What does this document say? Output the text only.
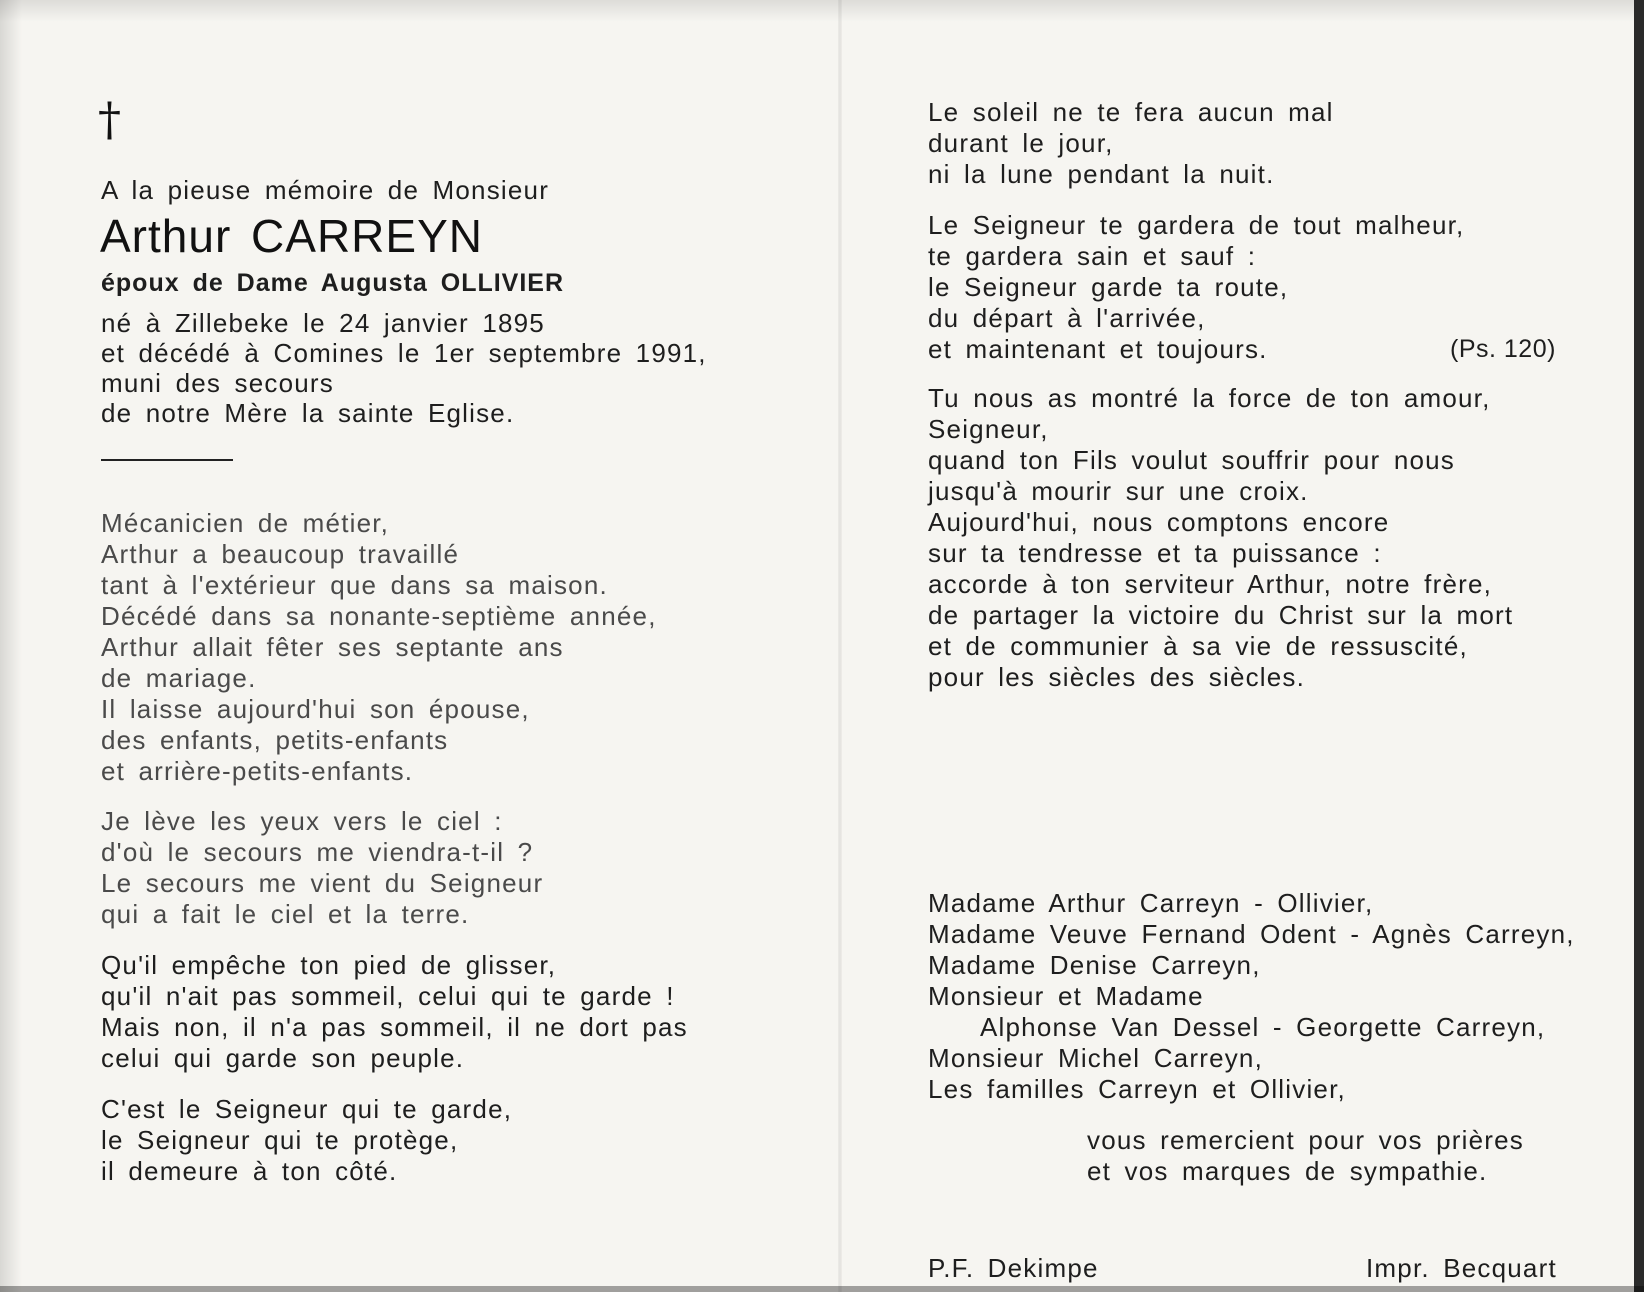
†
A la pieuse mémoire de Monsieur
Arthur CARREYN
époux de Dame Augusta OLLIVIER
né à Zillebeke le 24 janvier 1895
et décédé à Comines le 1er septembre 1991,
muni des secours
de notre Mère la sainte Eglise.
Mécanicien de métier,
Arthur a beaucoup travaillé
tant à l'extérieur que dans sa maison.
Décédé dans sa nonante-septième année,
Arthur allait fêter ses septante ans
de mariage.
Il laisse aujourd'hui son épouse,
des enfants, petits-enfants
et arrière-petits-enfants.
Je lève les yeux vers le ciel :
d'où le secours me viendra-t-il ?
Le secours me vient du Seigneur
qui a fait le ciel et la terre.
Qu'il empêche ton pied de glisser,
qu'il n'ait pas sommeil, celui qui te garde !
Mais non, il n'a pas sommeil, il ne dort pas
celui qui garde son peuple.
C'est le Seigneur qui te garde,
le Seigneur qui te protège,
il demeure à ton côté.
Le soleil ne te fera aucun mal
durant le jour,
ni la lune pendant la nuit.
Le Seigneur te gardera de tout malheur,
te gardera sain et sauf :
le Seigneur garde ta route,
du départ à l'arrivée,
et maintenant et toujours.	(Ps. 120)
Tu nous as montré la force de ton amour,
Seigneur,
quand ton Fils voulut souffrir pour nous
jusqu'à mourir sur une croix.
Aujourd'hui, nous comptons encore
sur ta tendresse et ta puissance :
accorde à ton serviteur Arthur, notre frère,
de partager la victoire du Christ sur la mort
et de communier à sa vie de ressuscité,
pour les siècles des siècles.
Madame Arthur Carreyn - Ollivier,
Madame Veuve Fernand Odent - Agnès Carreyn,
Madame Denise Carreyn,
Monsieur et Madame
Alphonse Van Dessel - Georgette Carreyn,
Monsieur Michel Carreyn,
Les familles Carreyn et Ollivier,
vous remercient pour vos prières
et vos marques de sympathie.
P.F. Dekimpe	Impr. Becquart
